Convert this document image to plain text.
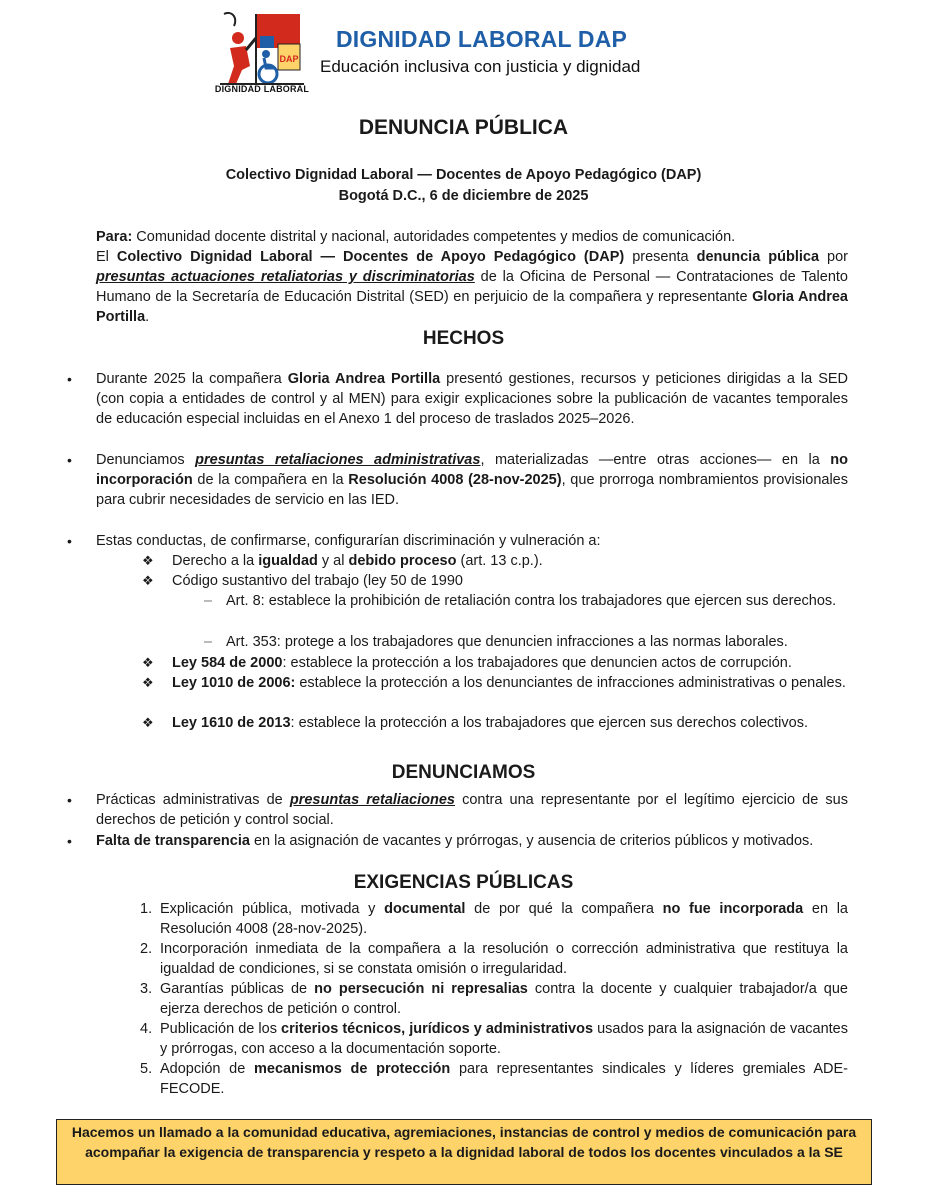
DAP
DIGNIDAD LABORAL
DIGNIDAD LABORAL DAP
Educación inclusiva con justicia y dignidad
DENUNCIA PÚBLICA
Colectivo Dignidad Laboral — Docentes de Apoyo Pedagógico (DAP)
Bogotá D.C., 6 de diciembre de 2025
Para: Comunidad docente distrital y nacional, autoridades competentes y medios de comunicación.
El Colectivo Dignidad Laboral — Docentes de Apoyo Pedagógico (DAP) presenta denuncia pública por presuntas actuaciones retaliatorias y discriminatorias de la Oficina de Personal — Contrataciones de Talento Humano de la Secretaría de Educación Distrital (SED) en perjuicio de la compañera y representante Gloria Andrea Portilla.
HECHOS
• Durante 2025 la compañera Gloria Andrea Portilla presentó gestiones, recursos y peticiones dirigidas a la SED (con copia a entidades de control y al MEN) para exigir explicaciones sobre la publicación de vacantes temporales de educación especial incluidas en el Anexo 1 del proceso de traslados 2025–2026.
• Denunciamos presuntas retaliaciones administrativas, materializadas —entre otras acciones— en la no incorporación de la compañera en la Resolución 4008 (28-nov-2025), que prorroga nombramientos provisionales para cubrir necesidades de servicio en las IED.
• Estas conductas, de confirmarse, configurarían discriminación y vulneración a:
❖ Derecho a la igualdad y al debido proceso (art. 13 c.p.).
❖ Código sustantivo del trabajo (ley 50 de 1990
– Art. 8: establece la prohibición de retaliación contra los trabajadores que ejercen sus derechos.
– Art. 353: protege a los trabajadores que denuncien infracciones a las normas laborales.
❖ Ley 584 de 2000: establece la protección a los trabajadores que denuncien actos de corrupción.
❖ Ley 1010 de 2006: establece la protección a los denunciantes de infracciones administrativas o penales.
❖ Ley 1610 de 2013: establece la protección a los trabajadores que ejercen sus derechos colectivos.
DENUNCIAMOS
• Prácticas administrativas de presuntas retaliaciones contra una representante por el legítimo ejercicio de sus derechos de petición y control social.
• Falta de transparencia en la asignación de vacantes y prórrogas, y ausencia de criterios públicos y motivados.
EXIGENCIAS PÚBLICAS
1. Explicación pública, motivada y documental de por qué la compañera no fue incorporada en la Resolución 4008 (28-nov-2025).
2. Incorporación inmediata de la compañera a la resolución o corrección administrativa que restituya la igualdad de condiciones, si se constata omisión o irregularidad.
3. Garantías públicas de no persecución ni represalias contra la docente y cualquier trabajador/a que ejerza derechos de petición o control.
4. Publicación de los criterios técnicos, jurídicos y administrativos usados para la asignación de vacantes y prórrogas, con acceso a la documentación soporte.
5. Adopción de mecanismos de protección para representantes sindicales y líderes gremiales ADE-FECODE.
Hacemos un llamado a la comunidad educativa, agremiaciones, instancias de control y medios de comunicación para acompañar la exigencia de transparencia y respeto a la dignidad laboral de todos los docentes vinculados a la SE
